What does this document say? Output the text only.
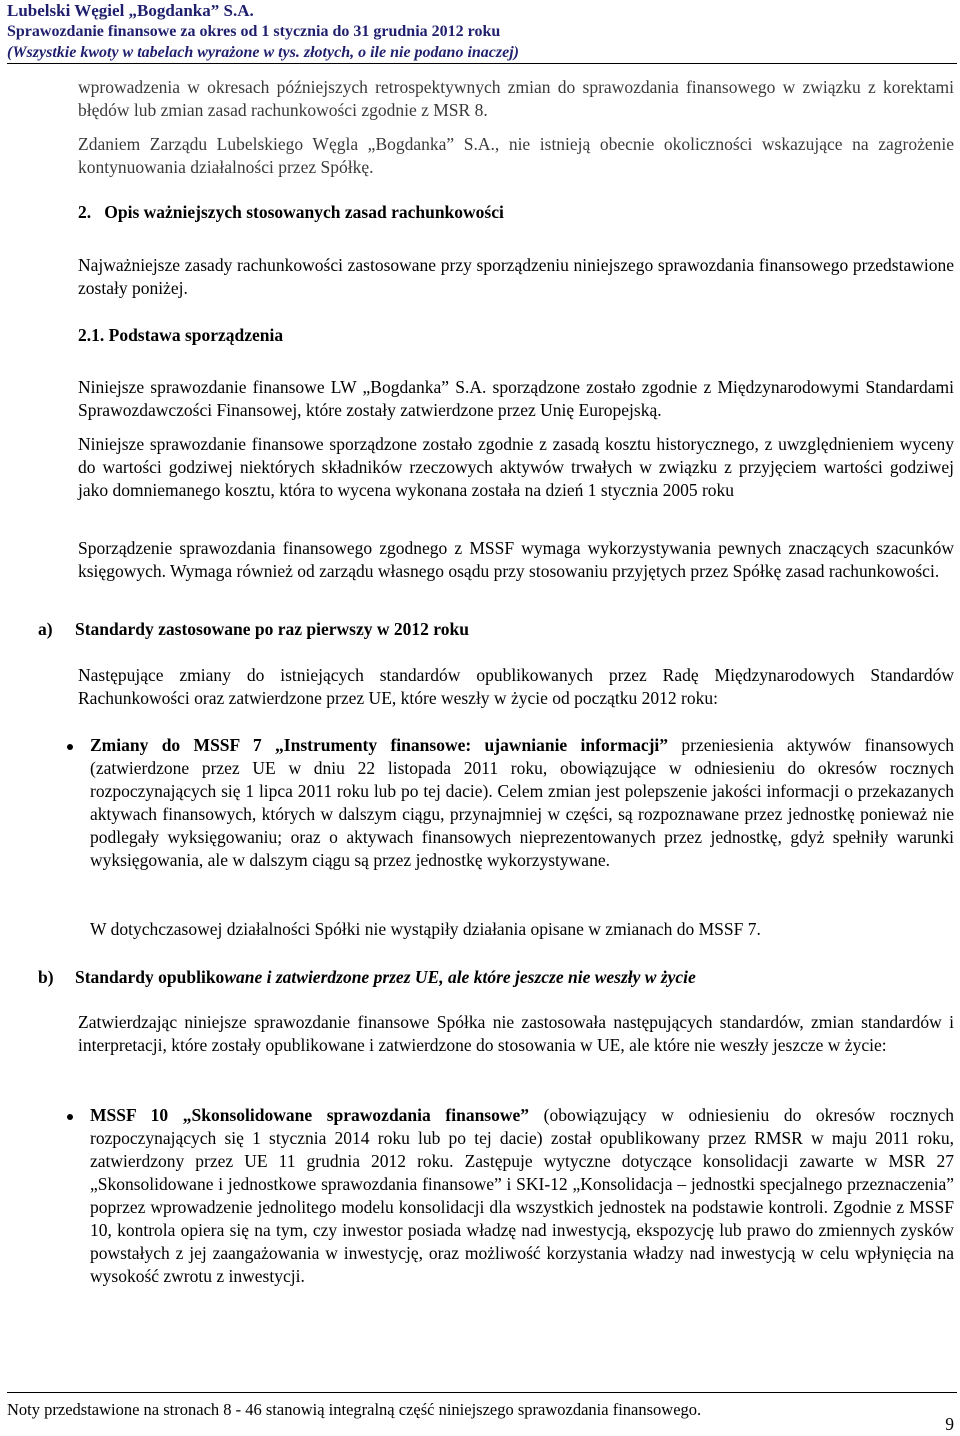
Lubelski Węgiel „Bogdanka” S.A.
Sprawozdanie finansowe za okres od 1 stycznia do 31 grudnia 2012 roku
(Wszystkie kwoty w tabelach wyrażone w tys. złotych, o ile nie podano inaczej)
wprowadzenia w okresach późniejszych retrospektywnych zmian do sprawozdania finansowego w związku z korektami błędów lub zmian zasad rachunkowości zgodnie z MSR 8.
Zdaniem Zarządu Lubelskiego Węgla „Bogdanka” S.A., nie istnieją obecnie okoliczności wskazujące na zagrożenie kontynuowania działalności przez Spółkę.
2.   Opis ważniejszych stosowanych zasad rachunkowości
Najważniejsze zasady rachunkowości zastosowane przy sporządzeniu niniejszego sprawozdania finansowego przedstawione zostały poniżej.
2.1. Podstawa sporządzenia
Niniejsze sprawozdanie finansowe LW „Bogdanka” S.A. sporządzone zostało zgodnie z Międzynarodowymi Standardami Sprawozdawczości Finansowej, które zostały zatwierdzone przez Unię Europejską.
Niniejsze sprawozdanie finansowe sporządzone zostało zgodnie z zasadą kosztu historycznego, z uwzględnieniem wyceny do wartości godziwej niektórych składników rzeczowych aktywów trwałych w związku z przyjęciem wartości godziwej jako domniemanego kosztu, która to wycena wykonana została na dzień 1 stycznia 2005 roku
Sporządzenie sprawozdania finansowego zgodnego z MSSF wymaga wykorzystywania pewnych znaczących szacunków księgowych. Wymaga również od zarządu własnego osądu przy stosowaniu przyjętych przez Spółkę zasad rachunkowości.
a) Standardy zastosowane po raz pierwszy w 2012 roku
Następujące zmiany do istniejących standardów opublikowanych przez Radę Międzynarodowych Standardów Rachunkowości oraz zatwierdzone przez UE, które weszły w życie od początku 2012 roku:
Zmiany do MSSF 7 „Instrumenty finansowe: ujawnianie informacji” przeniesienia aktywów finansowych (zatwierdzone przez UE w dniu 22 listopada 2011 roku, obowiązujące w odniesieniu do okresów rocznych rozpoczynających się 1 lipca 2011 roku lub po tej dacie). Celem zmian jest polepszenie jakości informacji o przekazanych aktywach finansowych, których w dalszym ciągu, przynajmniej w części, są rozpoznawane przez jednostkę ponieważ nie podlegały wyksięgowaniu; oraz o aktywach finansowych nieprezentowanych przez jednostkę, gdyż spełniły warunki wyksięgowania, ale w dalszym ciągu są przez jednostkę wykorzystywane.
W dotychczasowej działalności Spółki nie wystąpiły działania opisane w zmianach do MSSF 7.
b) Standardy opublikowane i zatwierdzone przez UE, ale które jeszcze nie weszły w życie
Zatwierdzając niniejsze sprawozdanie finansowe Spółka nie zastosowała następujących standardów, zmian standardów i interpretacji, które zostały opublikowane i zatwierdzone do stosowania w UE, ale które nie weszły jeszcze w życie:
MSSF 10 „Skonsolidowane sprawozdania finansowe” (obowiązujący w odniesieniu do okresów rocznych rozpoczynających się 1 stycznia 2014 roku lub po tej dacie) został opublikowany przez RMSR w maju 2011 roku, zatwierdzony przez UE 11 grudnia 2012 roku. Zastępuje wytyczne dotyczące konsolidacji zawarte w MSR 27 „Skonsolidowane i jednostkowe sprawozdania finansowe” i SKI-12 „Konsolidacja – jednostki specjalnego przeznaczenia” poprzez wprowadzenie jednolitego modelu konsolidacji dla wszystkich jednostek na podstawie kontroli. Zgodnie z MSSF 10, kontrola opiera się na tym, czy inwestor posiada władzę nad inwestycją, ekspozycję lub prawo do zmiennych zysków powstałych z jej zaangażowania w inwestycję, oraz możliwość korzystania władzy nad inwestycją w celu wpłynięcia na wysokość zwrotu z inwestycji.
Noty przedstawione na stronach 8 - 46 stanowią integralną część niniejszego sprawozdania finansowego.
9
